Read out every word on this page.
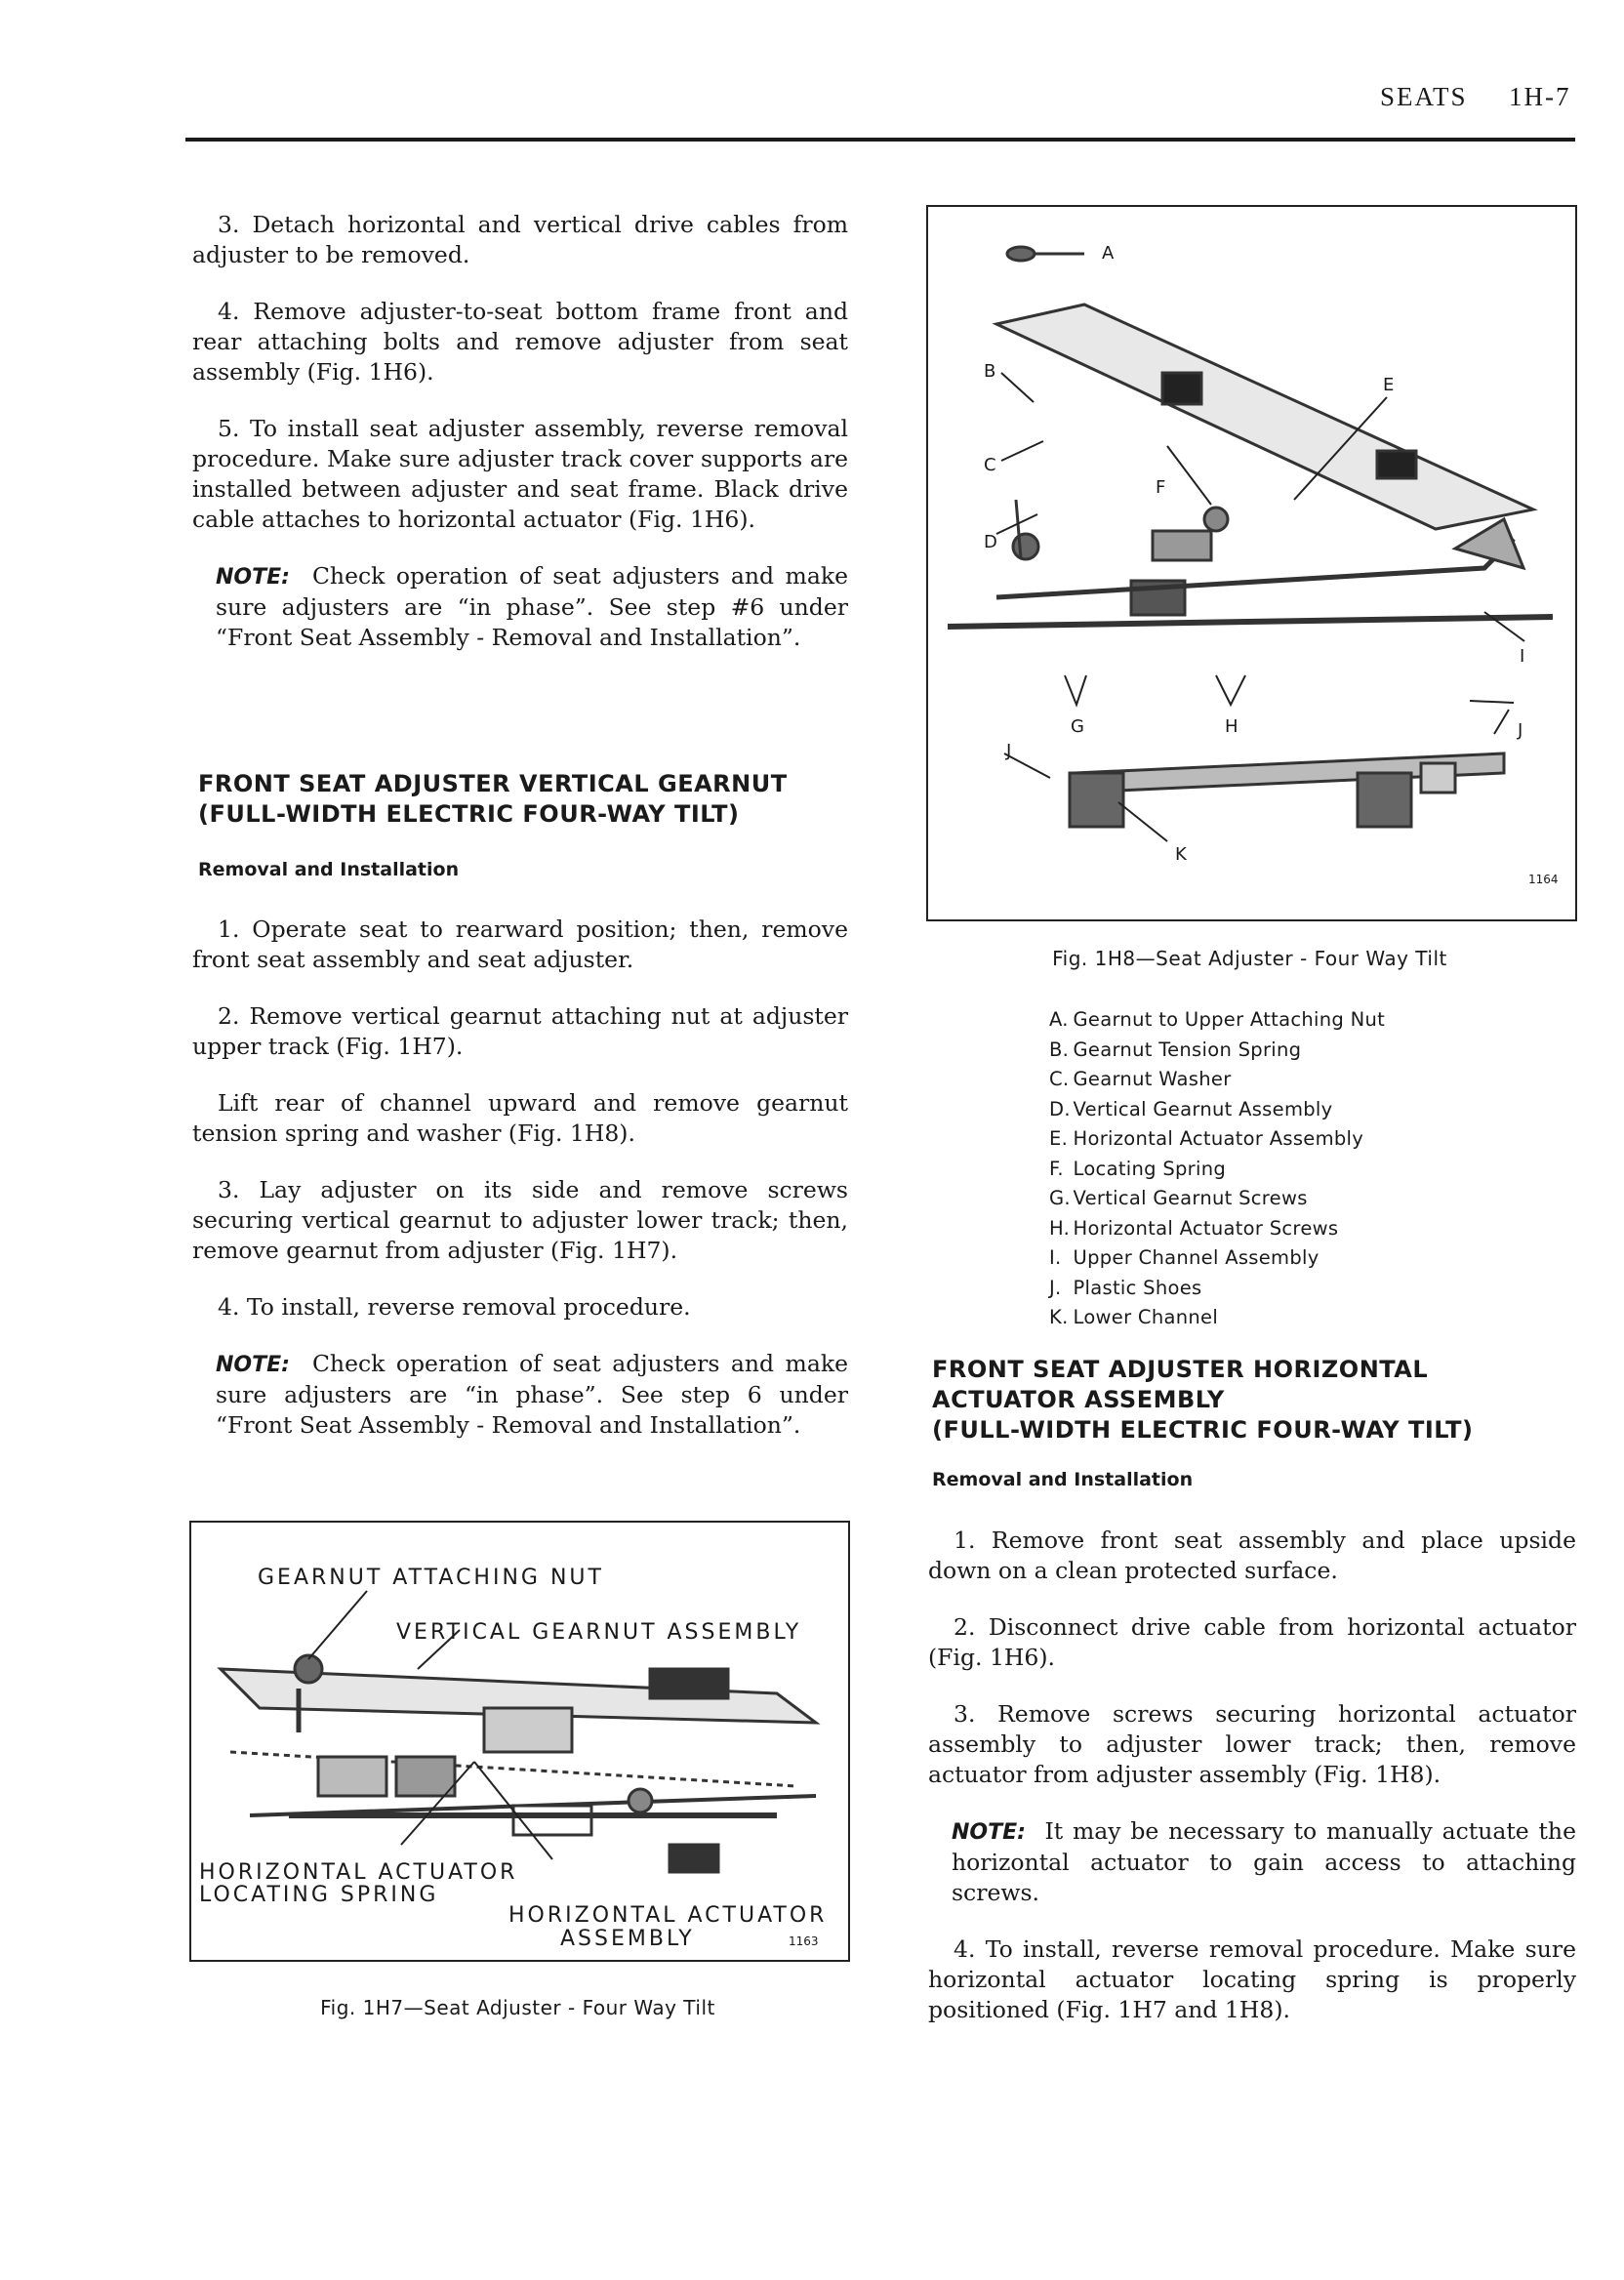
SEATS 1H-7

3. Detach horizontal and vertical drive cables from adjuster to be removed.

4. Remove adjuster-to-seat bottom frame front and rear attaching bolts and remove adjuster from seat assembly (Fig. 1H6).

5. To install seat adjuster assembly, reverse removal procedure. Make sure adjuster track cover supports are installed between adjuster and seat frame. Black drive cable attaches to horizontal actuator (Fig. 1H6).

NOTE: Check operation of seat adjusters and make sure adjusters are “in phase”. See step #6 under “Front Seat Assembly - Removal and Installation”.

FRONT SEAT ADJUSTER VERTICAL GEARNUT

(FULL-WIDTH ELECTRIC FOUR-WAY TILT)

Removal and Installation

1. Operate seat to rearward position; then, remove front seat assembly and seat adjuster.

2. Remove vertical gearnut attaching nut at adjuster upper track (Fig. 1H7).

Lift rear of channel upward and remove gearnut tension spring and washer (Fig. 1H8).

3. Lay adjuster on its side and remove screws securing vertical gearnut to adjuster lower track; then, remove gearnut from adjuster (Fig. 1H7).

4. To install, reverse removal procedure.

NOTE: Check operation of seat adjusters and make sure adjusters are “in phase”. See step 6 under “Front Seat Assembly - Removal and Installation”.

GEARNUT ATTACHING NUT
VERTICAL GEARNUT ASSEMBLY
HORIZONTAL ACTUATOR
LOCATING SPRING
HORIZONTAL ACTUATOR
ASSEMBLY	1163
Fig. 1H7—Seat Adjuster - Four Way Tilt
A
B
C
D
E
F
G	H
I
J
J
K
1164
Fig. 1H8—Seat Adjuster - Four Way Tilt
A.
Gearnut to Upper Attaching Nut
B.
Gearnut Tension Spring
C.
Gearnut Washer
D.
Vertical Gearnut Assembly
E.
Horizontal Actuator Assembly
F.
Locating Spring
G.
Vertical Gearnut Screws
H.
Horizontal Actuator Screws
I.
Upper Channel Assembly
J.
Plastic Shoes
K.
Lower Channel

FRONT SEAT ADJUSTER HORIZONTAL

ACTUATOR ASSEMBLY

(FULL-WIDTH ELECTRIC FOUR-WAY TILT)

Removal and Installation

1. Remove front seat assembly and place upside down on a clean protected surface.

2. Disconnect drive cable from horizontal actuator (Fig. 1H6).

3. Remove screws securing horizontal actuator assembly to adjuster lower track; then, remove actuator from adjuster assembly (Fig. 1H8).

NOTE: It may be necessary to manually actuate the horizontal actuator to gain access to attaching screws.

4. To install, reverse removal procedure. Make sure horizontal actuator locating spring is properly positioned (Fig. 1H7 and 1H8).
